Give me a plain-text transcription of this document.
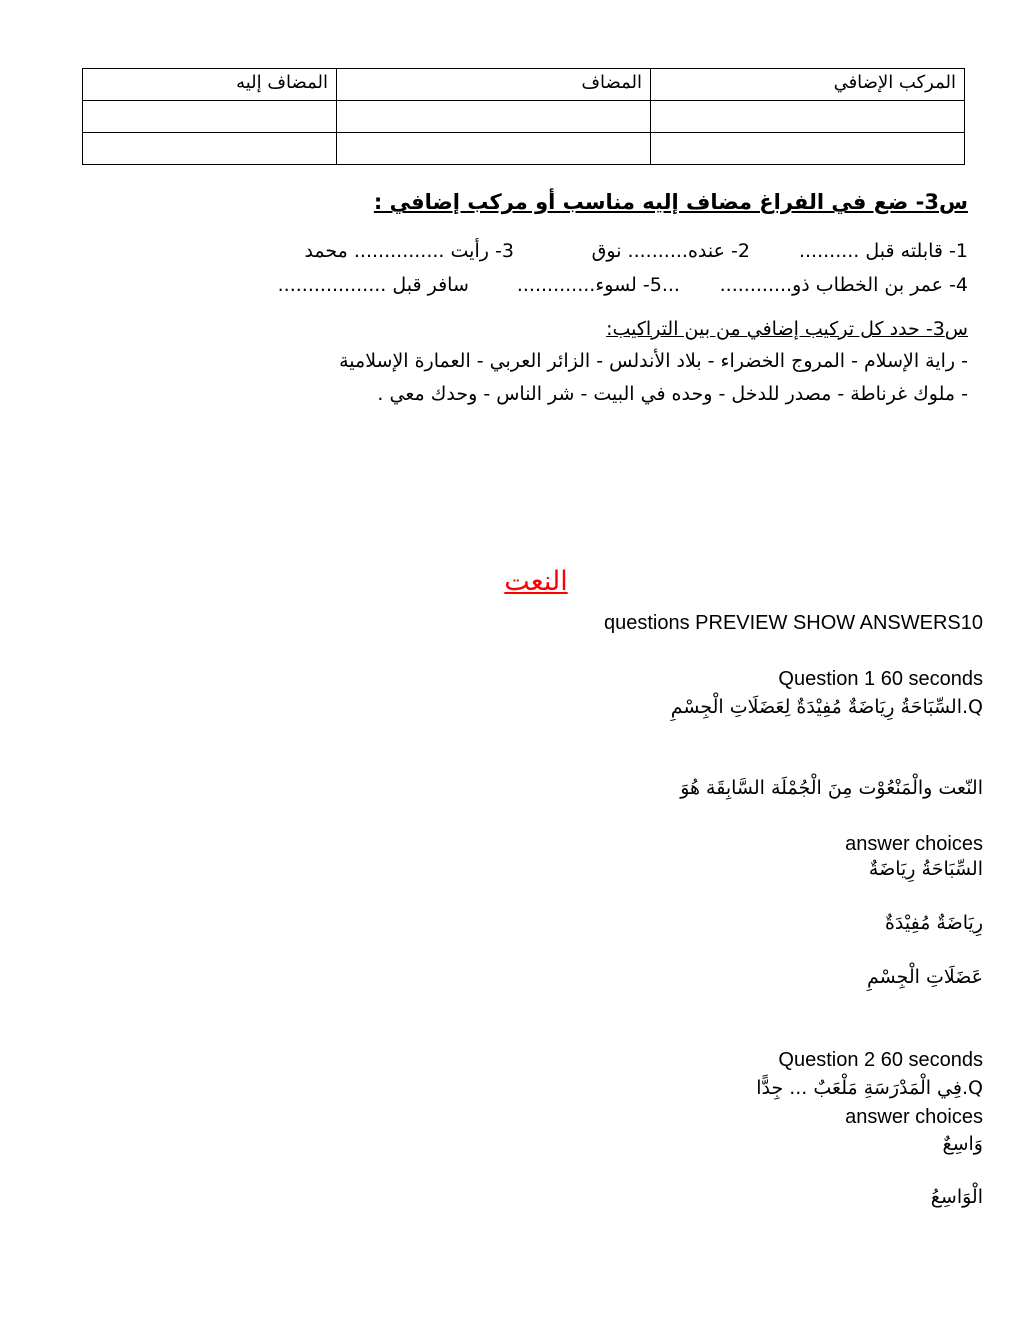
المركب الإضافي	المضاف	المضاف إليه

س3- ضع في الفراغ مضاف إليه مناسب أو مركب إضافي :
1- قابلته قبل .......... 2- عنده.......... نوق 3- رأيت ............... محمد
4- عمر بن الخطاب ذو............ ...5- لسوء............. سافر قبل ..................
س3- حدد كل تركيب إضافي من بين التراكيب:
- راية الإسلام - المروج الخضراء - بلاد الأندلس - الزائر العربي - العمارة الإسلامية
- ملوك غرناطة - مصدر للدخل - وحده في البيت - شر الناس - وحدك معي .
النعت
questions PREVIEW SHOW ANSWERS10
Question 1 60 seconds
Q.السِّبَاحَةُ رِيَاضَةٌ مُفِيْدَةٌ لِعَضَلَاتِ الْجِسْمِ
النّعت والْمَنْعُوْت مِنَ الْجُمْلَة السَّابِقَة هُوَ
answer choices
السِّبَاحَةُ رِيَاضَةٌ
رِيَاضَةٌ مُفِيْدَةٌ
عَضَلَاتِ الْجِسْمِ
Question 2 60 seconds
Q.فِي الْمَدْرَسَةِ مَلْعَبٌ ... جِدًّا
answer choices
وَاسِعٌ
الْوَاسِعُ
